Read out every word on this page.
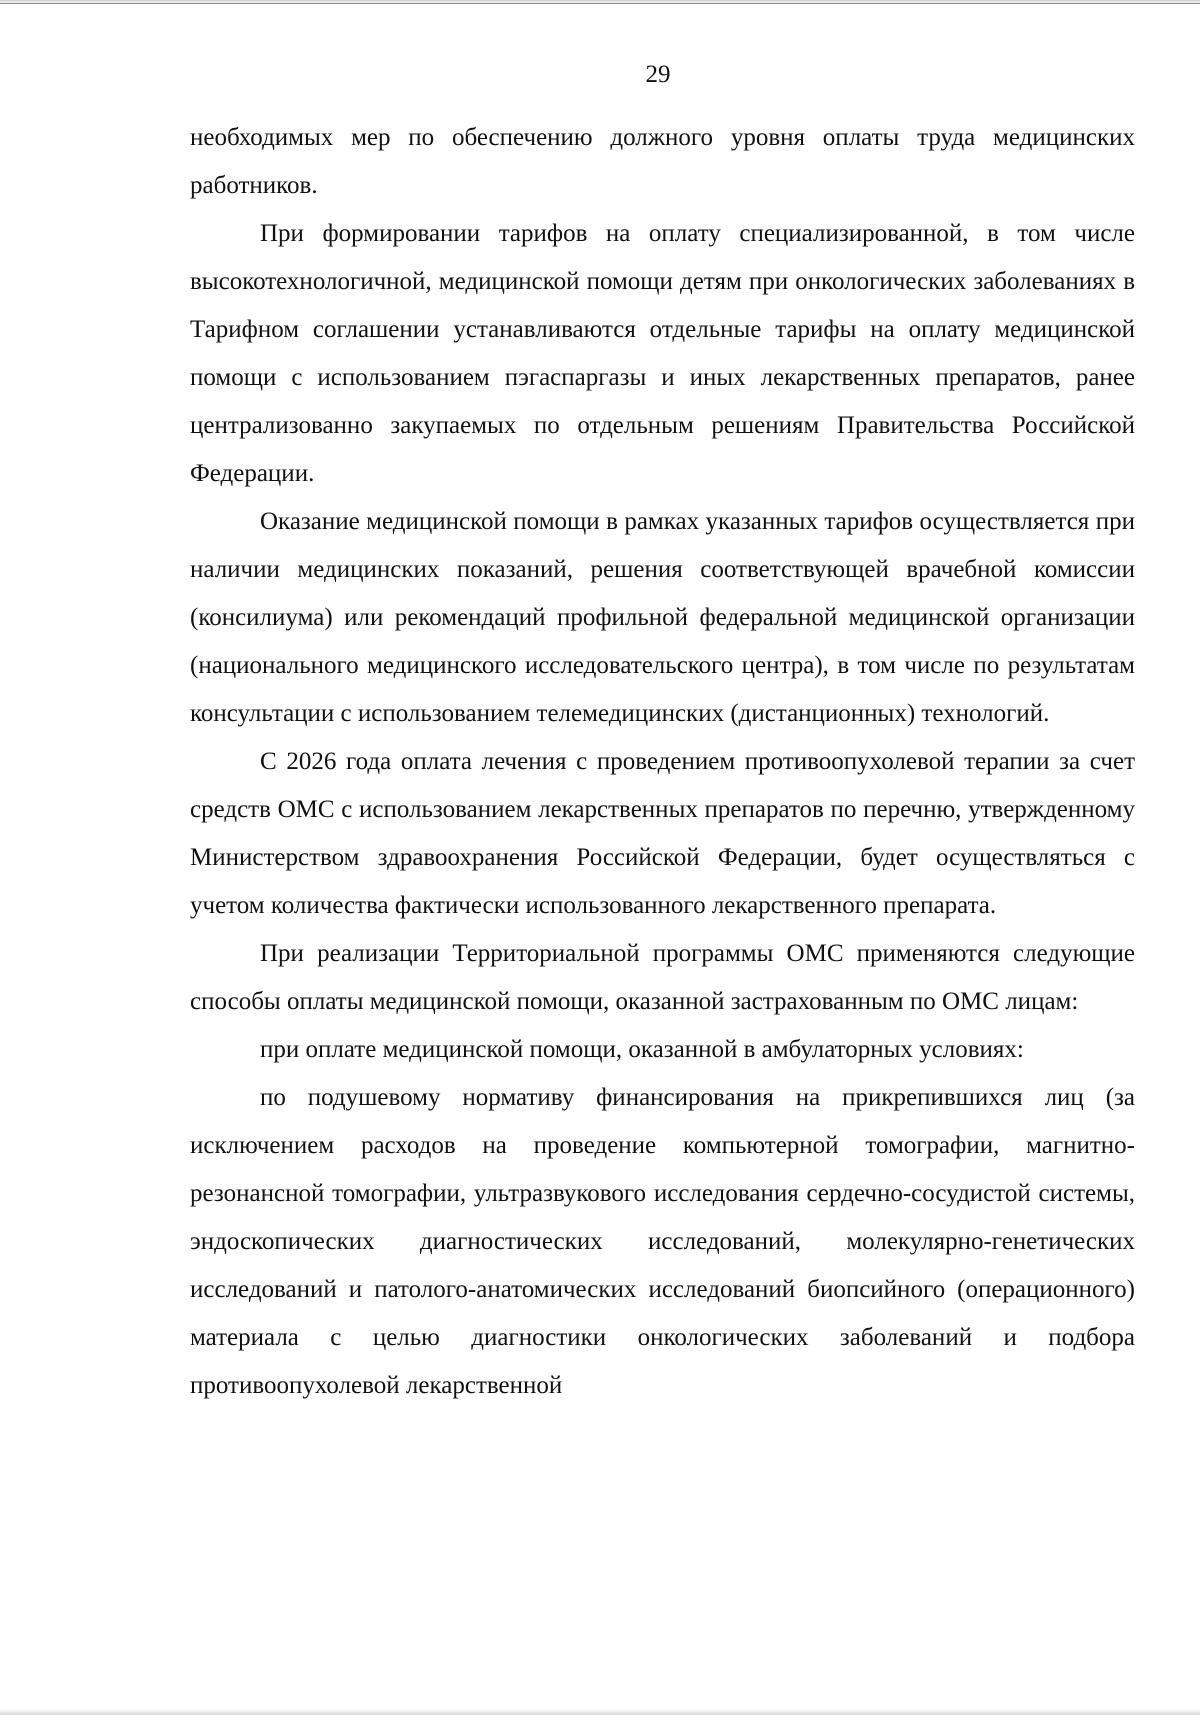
29

необходимых мер по обеспечению должного уровня оплаты труда медицинских работников.

При формировании тарифов на оплату специализированной, в том числе высокотехнологичной, медицинской помощи детям при онкологических заболеваниях в Тарифном соглашении устанавливаются отдельные тарифы на оплату медицинской помощи с использованием пэгаспаргазы и иных лекарственных препаратов, ранее централизованно закупаемых по отдельным решениям Правительства Российской Федерации.

Оказание медицинской помощи в рамках указанных тарифов осуществляется при наличии медицинских показаний, решения соответствующей врачебной комиссии (консилиума) или рекомендаций профильной федеральной медицинской организации (национального медицинского исследовательского центра), в том числе по результатам консультации с использованием телемедицинских (дистанционных) технологий.

С 2026 года оплата лечения с проведением противоопухолевой терапии за счет средств ОМС с использованием лекарственных препаратов по перечню, утвержденному Министерством здравоохранения Российской Федерации, будет осуществляться с учетом количества фактически использованного лекарственного препарата.

При реализации Территориальной программы ОМС применяются следующие способы оплаты медицинской помощи, оказанной застрахованным по ОМС лицам:

при оплате медицинской помощи, оказанной в амбулаторных условиях:

по подушевому нормативу финансирования на прикрепившихся лиц (за исключением расходов на проведение компьютерной томографии, магнитно-резонансной томографии, ультразвукового исследования сердечно-сосудистой системы, эндоскопических диагностических исследований, молекулярно-генетических исследований и патолого-анатомических исследований биопсийного (операционного) материала с целью диагностики онкологических заболеваний и подбора противоопухолевой лекарственной
